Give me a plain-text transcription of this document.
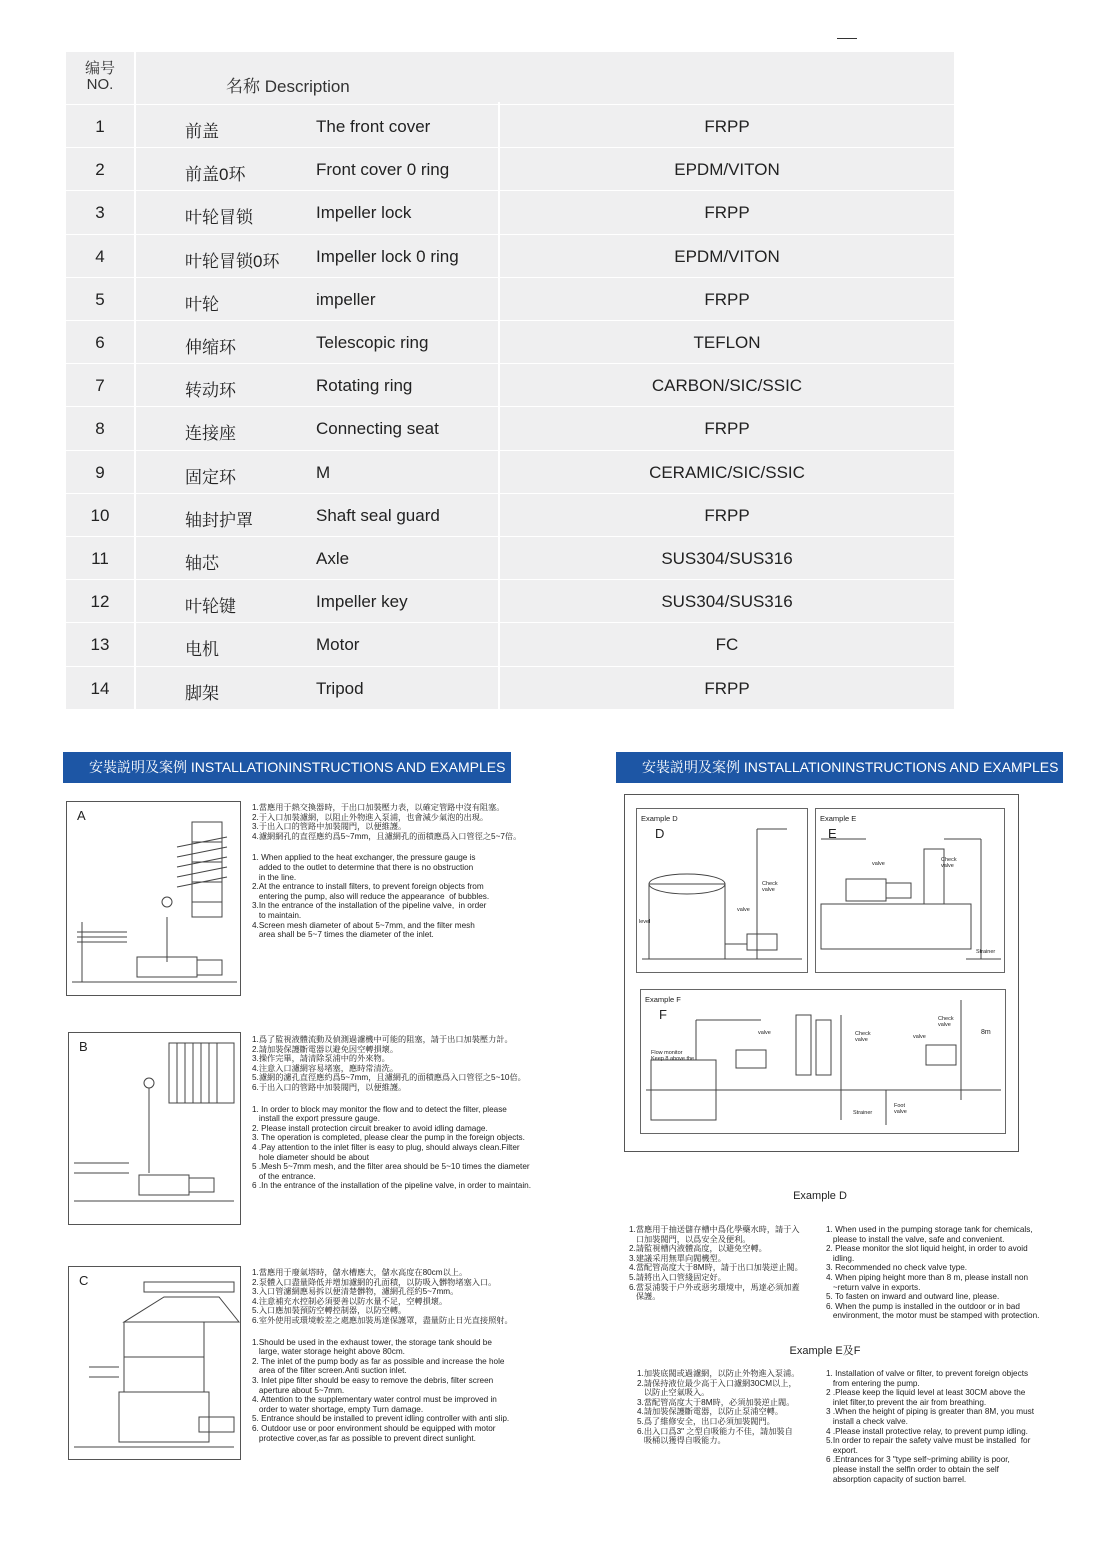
编号
NO.	名称 Description
1	前盖	The front cover	FRPP
2	前盖0环	Front cover 0 ring	EPDM/VITON
3	叶轮冒锁	Impeller lock	FRPP
4	叶轮冒锁0环 Impeller lock 0 ring	EPDM/VITON
5	叶轮	impeller	FRPP
6	伸缩环	Telescopic ring	TEFLON
7	转动环	Rotating ring	CARBON/SIC/SSIC
8	连接座	Connecting seat	FRPP
9	固定环	M	CERAMIC/SIC/SSIC
10	轴封护罩	Shaft seal guard	FRPP
11	轴芯	Axle	SUS304/SUS316
12	叶轮键	Impeller key	SUS304/SUS316
13	电机	Motor	FC
14	脚架	Tripod	FRPP
安裝説明及案例 INSTALLATIONINSTRUCTIONS AND EXAMPLES
A

1.當應用于熱交換器時，于出口加裝壓力表，以確定管路中沒有阻塞。

2.于入口加裝濾網，以阻止外物進入泵浦，也會減少氣泡的出現。

3.于出入口的管路中加裝閥門，以便維護。

4.濾網網孔的直徑應約爲5~7mm，且濾網孔的面積應爲入口管徑之5~7倍。

1. When applied to the heat exchanger, the pressure gauge is

added to the outlet to determine that there is no obstruction

in the line.

2.At the entrance to install filters, to prevent foreign objects from

entering the pump, also will reduce the appearance  of bubbles.

3.In the entrance of the installation of the pipeline valve,  in order

to maintain.

4.Screen mesh diameter of about 5~7mm, and the filter mesh

area shall be 5~7 times the diameter of the inlet.

B	1.爲了監視液體流動及偵測過濾機中可能的阻塞，請于出口加裝壓力計。

2.請加裝保護斷電器以避免因空轉損壞。

3.操作完畢，請清除泵浦中的外來物。

4.注意入口濾網容易堵塞，應時常清洗。

5.濾網的濾孔直徑應約爲5~7mm，且濾網孔的面積應爲入口管徑之5~10倍。

6.于出入口的管路中加裝閥門，以便維護。

1. In order to block may monitor the flow and to detect the filter, please

install the export pressure gauge.

2. Please install protection circuit breaker to avoid idling damage.

3. The operation is completed, please clear the pump in the foreign objects.

4 .Pay attention to the inlet filter is easy to plug, should always clean.Filter

hole diameter should be about

5 .Mesh 5~7mm mesh, and the filter area should be 5~10 times the diameter

of the entrance.

6 .In the entrance of the installation of the pipeline valve, in order to maintain.

C

1.當應用于廢氣塔時，儲水槽應大，儲水高度在80cm以上。

2.泵體入口盡量降低并增加濾網的孔面積，以防吸入髒物堵塞入口。

3.入口管濾網應易拆以便清楚髒物，濾網孔徑約5~7mm。

4.注意補充水控制必須要善以防水量不足，空轉損壞。

5.入口應加裝預防空轉控制器，以防空轉。

6.室外使用或環境較差之處應加裝馬達保護罩，盡量防止日光直接照射。

1.Should be used in the exhaust tower, the storage tank should be

large, water storage height above 80cm.

2. The inlet of the pump body as far as possible and increase the hole

area of the filter screen.Anti suction inlet.

3. Inlet pipe filter should be easy to remove the debris, filter screen

aperture about 5~7mm.

4. Attention to the supplementary water control must be improved in

order to water shortage, empty Turn damage.

5. Entrance should be installed to prevent idling controller with anti slip.

6. Outdoor use or poor environment should be equipped with motor

protective cover,as far as possible to prevent direct sunlight.

安裝説明及案例 INSTALLATIONINSTRUCTIONS AND EXAMPLES
Example D
D
Check
valve
valve
level
Example E
E
valve
Check
valve
Strainer
Example F
F
Flow monitor
Keep 8 above the
valve	Check
valve
Strainer
Foot
valve
valve
Check
valve
8m
Example D

1.當應用于抽送儲存槽中爲化學藥水時，請于入

口加裝閥門，以爲安全及便利。

2.請監視槽内液體高度，以避免空轉。

3.建議采用無單向閥機型。

4.當配管高度大于8M時，請于出口加裝逆止閥。

5.請將出入口管綫固定好。

6.當泵浦裝于户外或惡劣環境中，馬達必須加蓋

保護。

1. When used in the pumping storage tank for chemicals,

please to install the valve, safe and convenient.

2. Please monitor the slot liquid height, in order to avoid

idling.

3. Recommended no check valve type.

4. When piping height more than 8 m, please install non

~return valve in exports.

5. To fasten on inward and outward line, please.

6. When the pump is installed in the outdoor or in bad

environment, the motor must be stamped with protection.

Example E及F

1.加裝底閥或過濾網，以防止外物進入泵浦。

2.請保持液位最少高于入口濾網30CM以上，

以防止空氣吸入。

3.當配管高度大于8M時，必須加裝逆止閥。

4.請加裝保護斷電器，以防止泵浦空轉。

5.爲了維修安全，出口必須加裝閥門。

6.出入口爲3" 之型自吸能力不佳，請加裝自

吸桶以獲得自吸能力。

1. Installation of valve or filter, to prevent foreign objects

from entering the pump.

2 .Please keep the liquid level at least 30CM above the

inlet filter,to prevent the air from breathing.

3 .When the height of piping is greater than 8M, you must

install a check valve.

4 .Please install protective relay, to prevent pump idling.

5.In order to repair the safety valve must be installed  for

export.

6 .Entrances for 3 "type self~priming ability is poor,

please install the selfln order to obtain the self

absorption capacity of suction barrel.
